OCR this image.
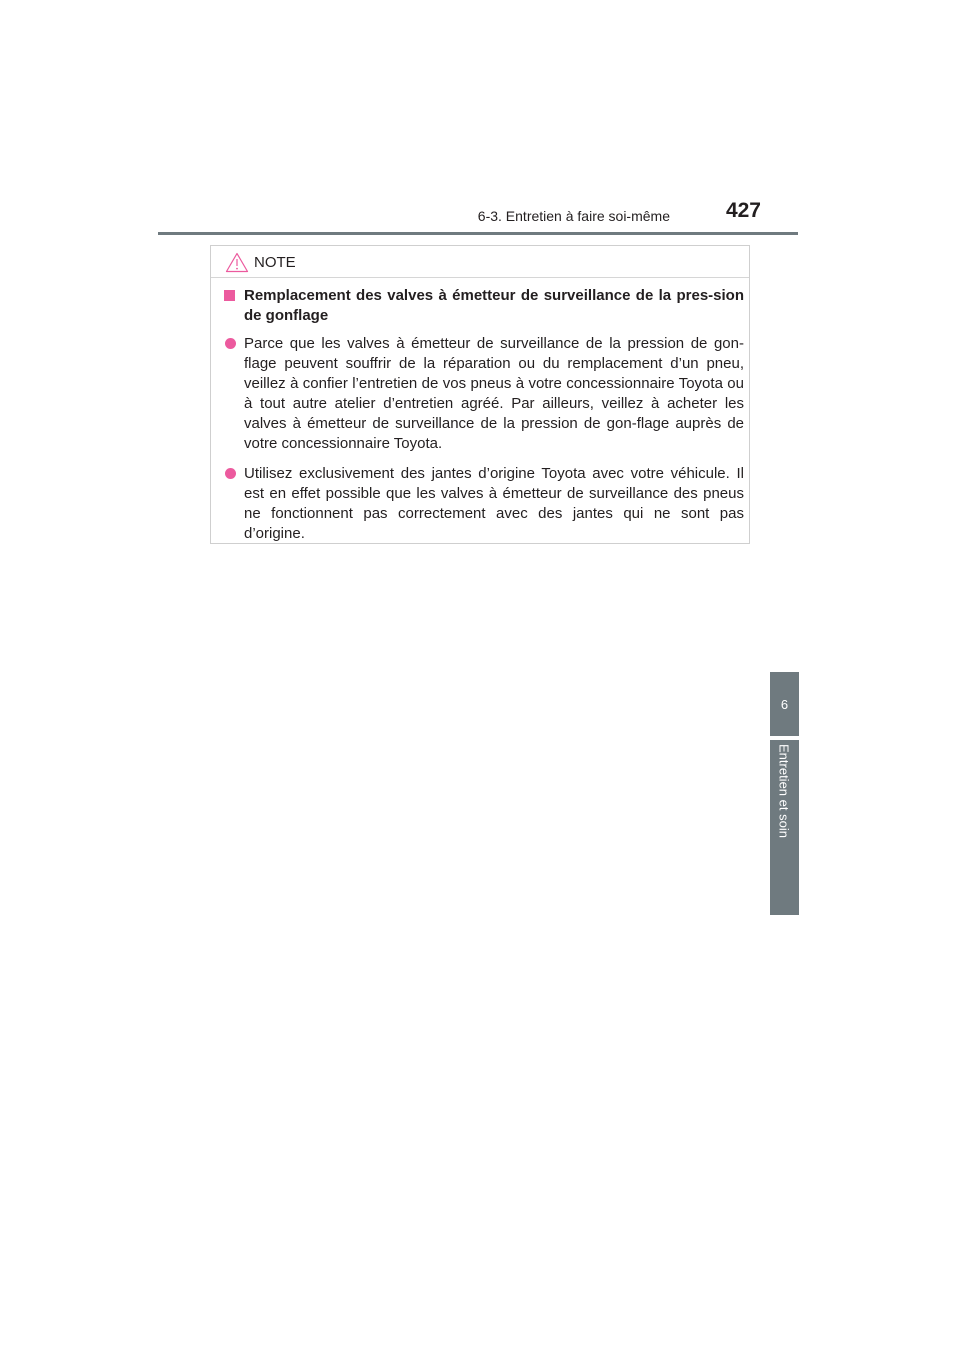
6-3. Entretien à faire soi-même	427
6
Entretien et soin
NOTE
Remplacement des valves à émetteur de surveillance de la pres-sion de gonflage
Parce que les valves à émetteur de surveillance de la pression de gon-flage peuvent souffrir de la réparation ou du remplacement d’un pneu, veillez à confier l’entretien de vos pneus à votre concessionnaire Toyota ou à tout autre atelier d’entretien agréé. Par ailleurs, veillez à acheter les valves à émetteur de surveillance de la pression de gon-flage auprès de votre concessionnaire Toyota.
Utilisez exclusivement des jantes d’origine Toyota avec votre véhicule. Il est en effet possible que les valves à émetteur de surveillance des pneus ne fonctionnent pas correctement avec des jantes qui ne sont pas d’origine.
